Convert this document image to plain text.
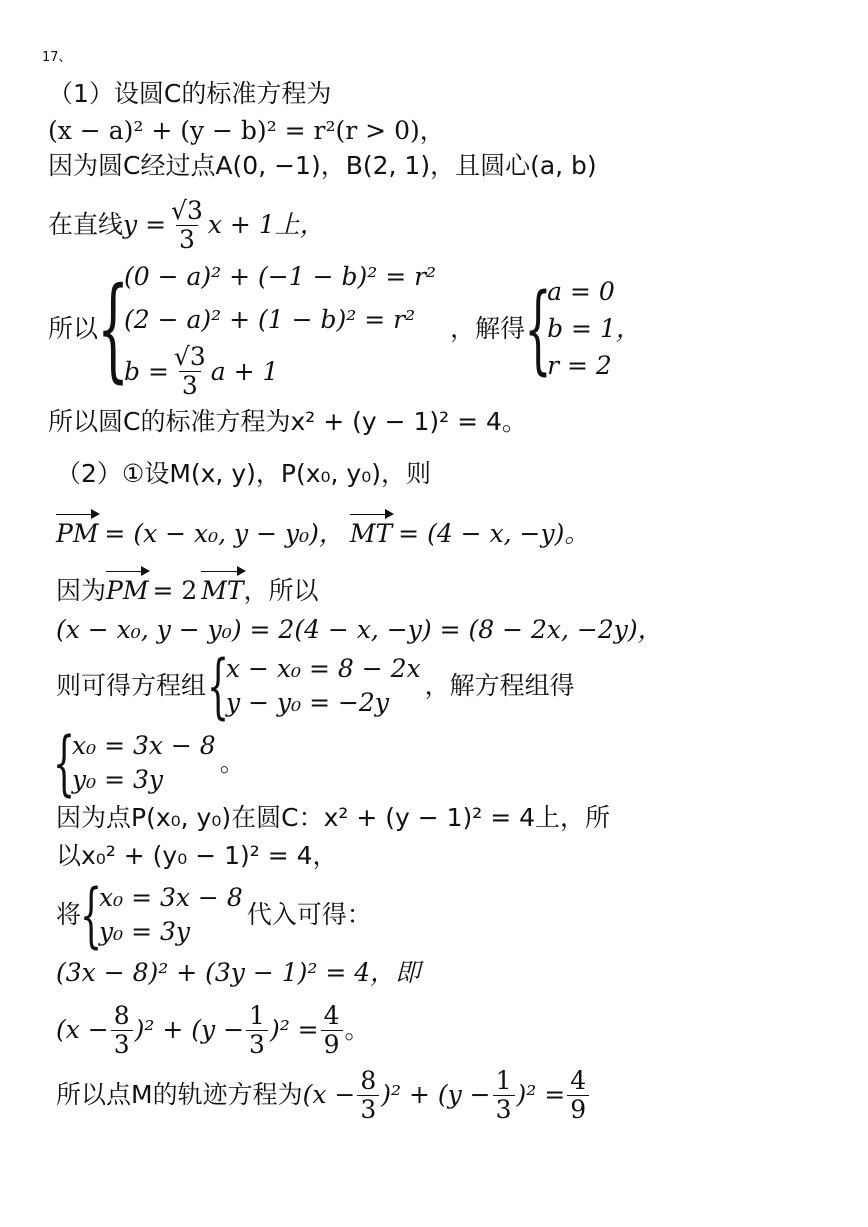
17、
（1）设圆C的标准方程为
(x − a)² + (y − b)² = r²(r > 0)，
因为圆C经过点A(0, −1)，B(2, 1)，且圆心(a, b)
在直线 $y = \frac{√3}{3}$ x + 1上，
所以
{
(0 − a)² + (−1 − b)² = r²
(2 − a)² + (1 − b)² = r²
$b = \frac{√3}{3}$ a + 1
，解得 {
a = 0
b = 1，
r = 2
所以圆C的标准方程为x² + (y − 1)² = 4。
（2）①设M(x, y)，P(x₀, y₀)，则
PM = (x − x₀, y − y₀)， MT = (4 − x, −y)。
因为 PM = 2 MT ，所以
(x − x₀, y − y₀) = 2(4 − x, −y) = (8 − 2x, −2y)，
则可得方程组 {
x − x₀ = 8 − 2x
y − y₀ = −2y
，解方程组得
{
x₀ = 3x − 8
y₀ = 3y
。
因为点P(x₀, y₀)在圆C：x² + (y − 1)² = 4上，所
以x₀² + (y₀ − 1)² = 4，
将
{
x₀ = 3x − 8
y₀ = 3y
代入可得：
(3x − 8)² + (3y − 1)² = 4，即
$(x - \frac{8}{3} )^2 + (y - \frac{1}{3} )^2 = \frac{4}{9}$ 。
所以点M的轨迹方程为 $(x - \frac{8}{3} )^2 + (y - \frac{1}{3} )^2 = \frac{4}{9}$
